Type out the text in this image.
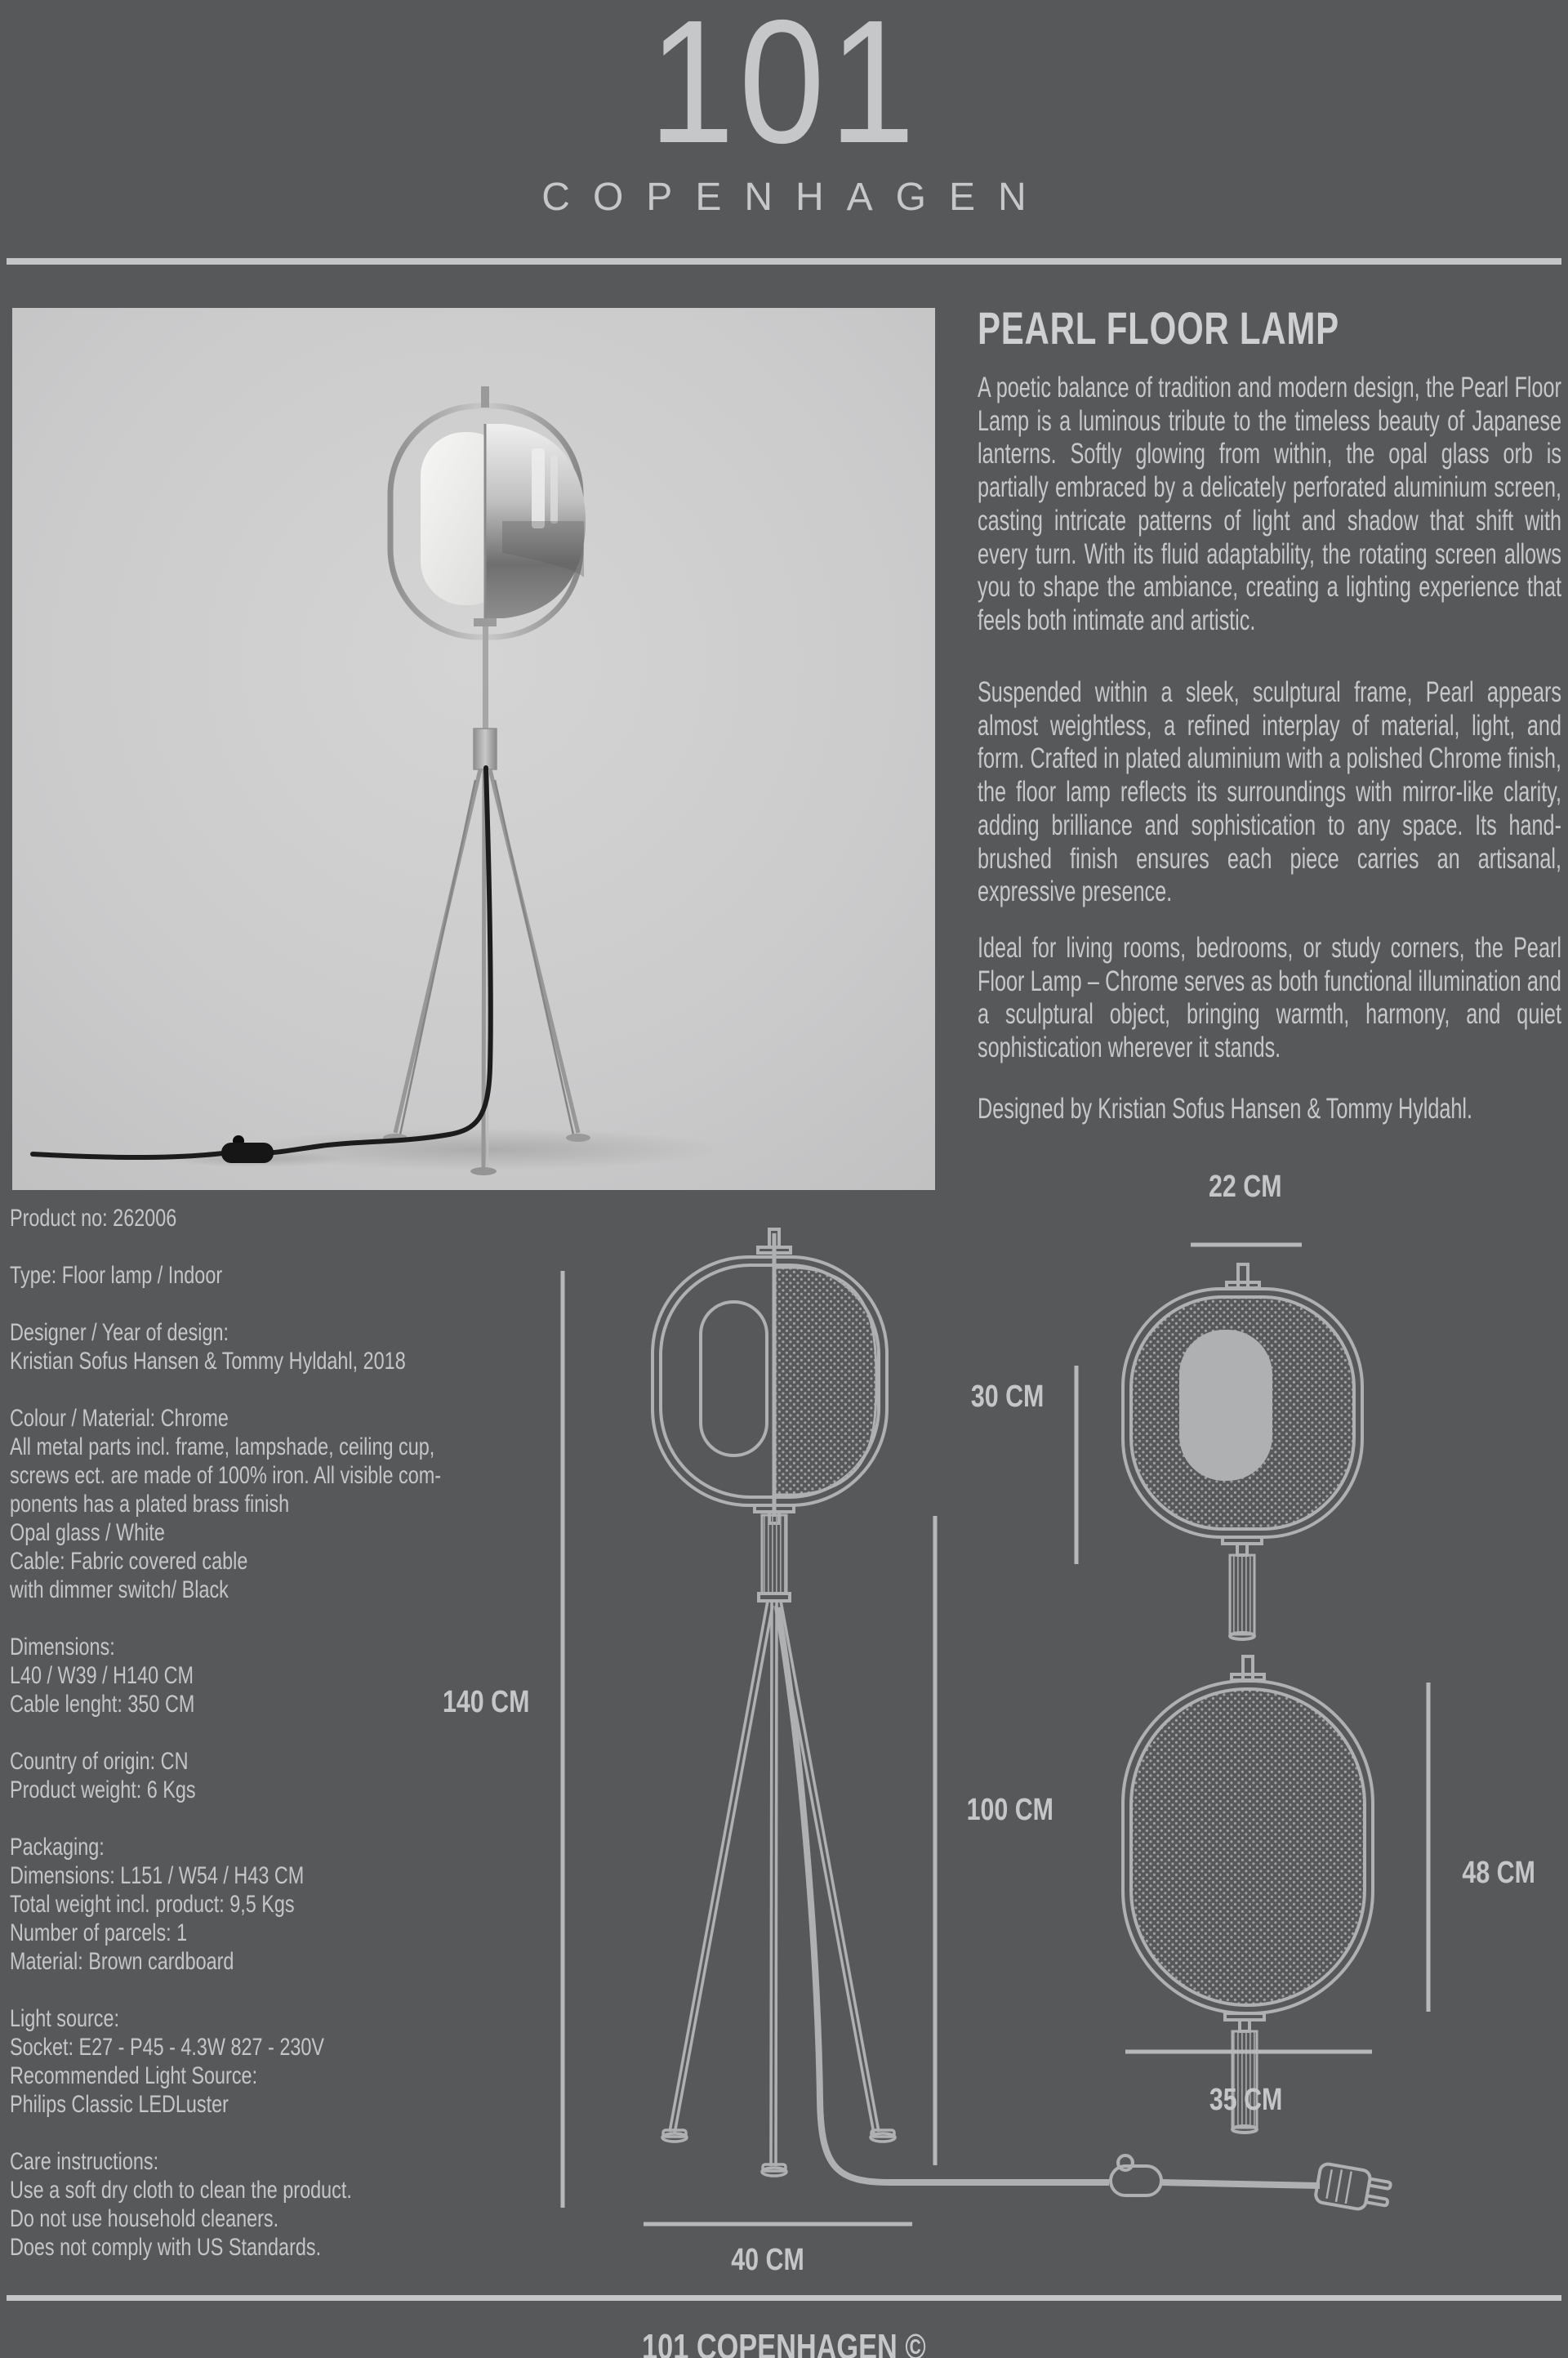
101
COPENHAGEN
PEARL FLOOR LAMP
A poetic balance of tradition and modern design, the Pearl Floor Lamp is a luminous tribute to the timeless beauty of Japanese lanterns. Softly glowing from within, the opal glass orb is partially embraced by a delicately perforated aluminium screen, casting intricate patterns of light and shadow that shift with every turn. With its fluid adaptability, the rotating screen allows you to shape the ambiance, creating a lighting experience that feels both intimate and artistic.
Suspended within a sleek, sculptural frame, Pearl appears almost weightless, a refined interplay of material, light, and form. Crafted in plated aluminium with a polished Chrome finish, the floor lamp reflects its surroundings with mirror-like clarity, adding brilliance and sophistication to any space. Its hand-brushed finish ensures each piece carries an artisanal, expressive presence.
Ideal for living rooms, bedrooms, or study corners, the Pearl Floor Lamp – Chrome serves as both functional illumination and a sculptural object, bringing warmth, harmony, and quiet sophistication wherever it stands.
Designed by Kristian Sofus Hansen & Tommy Hyldahl.
Product no: 262006
Type: Floor lamp / Indoor
Designer / Year of design:
Kristian Sofus Hansen & Tommy Hyldahl, 2018
Colour / Material: Chrome
All metal parts incl. frame, lampshade, ceiling cup,
screws ect. are made of 100% iron. All visible com-
ponents has a plated brass finish
Opal glass / White
Cable: Fabric covered cable
with dimmer switch/ Black
Dimensions:
L40 / W39 / H140 CM
Cable lenght: 350 CM
Country of origin: CN
Product weight: 6 Kgs
Packaging:
Dimensions: L151 / W54 / H43 CM
Total weight incl. product: 9,5 Kgs
Number of parcels: 1
Material: Brown cardboard
Light source:
Socket: E27 - P45 - 4.3W 827 - 230V
Recommended Light Source:
Philips Classic LEDLuster
Care instructions:
Use a soft dry cloth to clean the product.
Do not use household cleaners.
Does not comply with US Standards.
22 CM
30 CM
140 CM
100 CM
48 CM
35 CM
40 CM
101 COPENHAGEN ©
